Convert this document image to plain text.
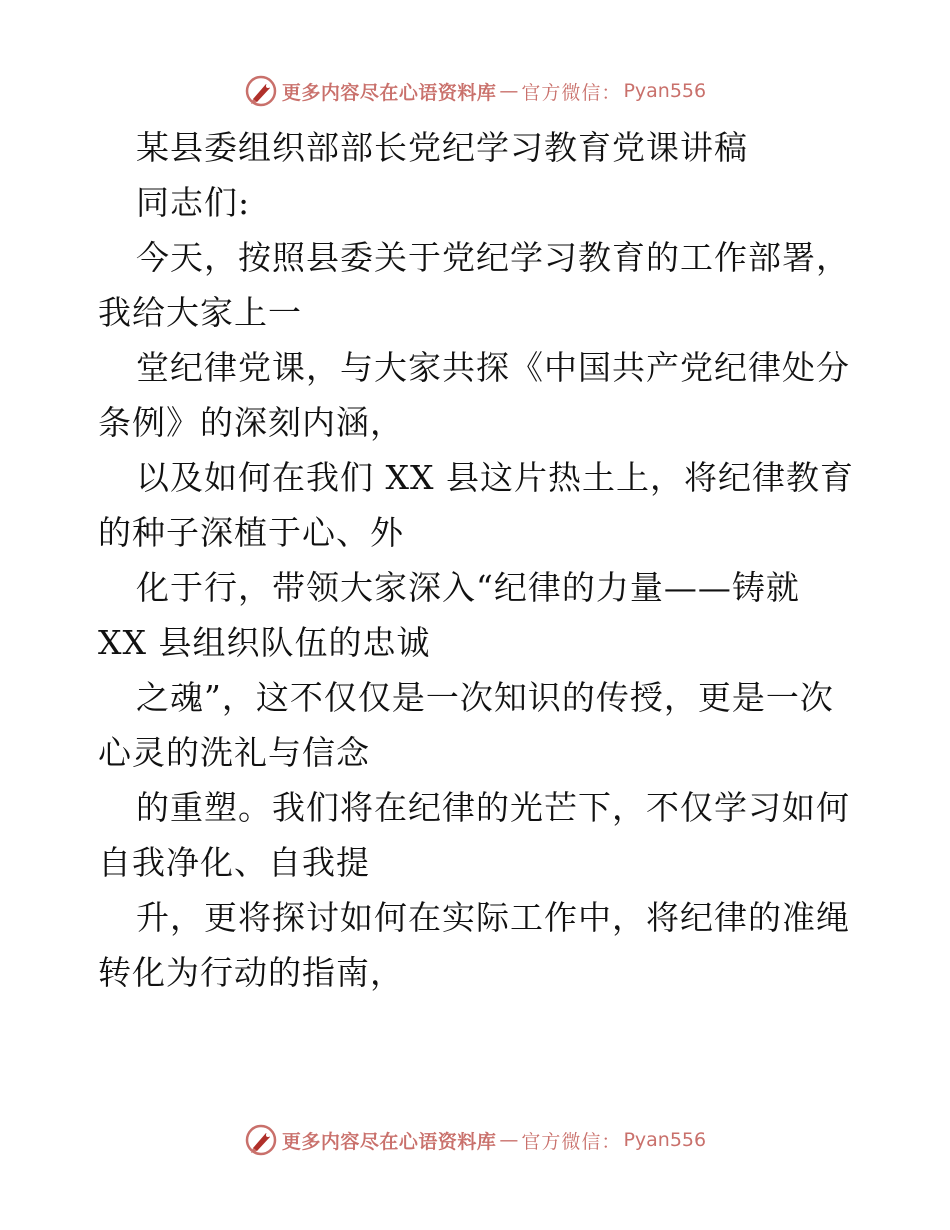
更多内容尽在心语资料库 — 官方微信： Pyan556
某县委组织部部长党纪学习教育党课讲稿
同志们:
今天，按照县委关于党纪学习教育的工作部署，
我给大家上一
堂纪律党课，与大家共探《中国共产党纪律处分
条例》的深刻内涵，
以及如何在我们 XX 县这片热土上，将纪律教育
的种子深植于心、外
化于行，带领大家深入“纪律的力量——铸就
XX 县组织队伍的忠诚
之魂”，这不仅仅是一次知识的传授，更是一次
心灵的洗礼与信念
的重塑。我们将在纪律的光芒下，不仅学习如何
自我净化、自我提
升，更将探讨如何在实际工作中，将纪律的准绳
转化为行动的指南，
更多内容尽在心语资料库 — 官方微信： Pyan556
